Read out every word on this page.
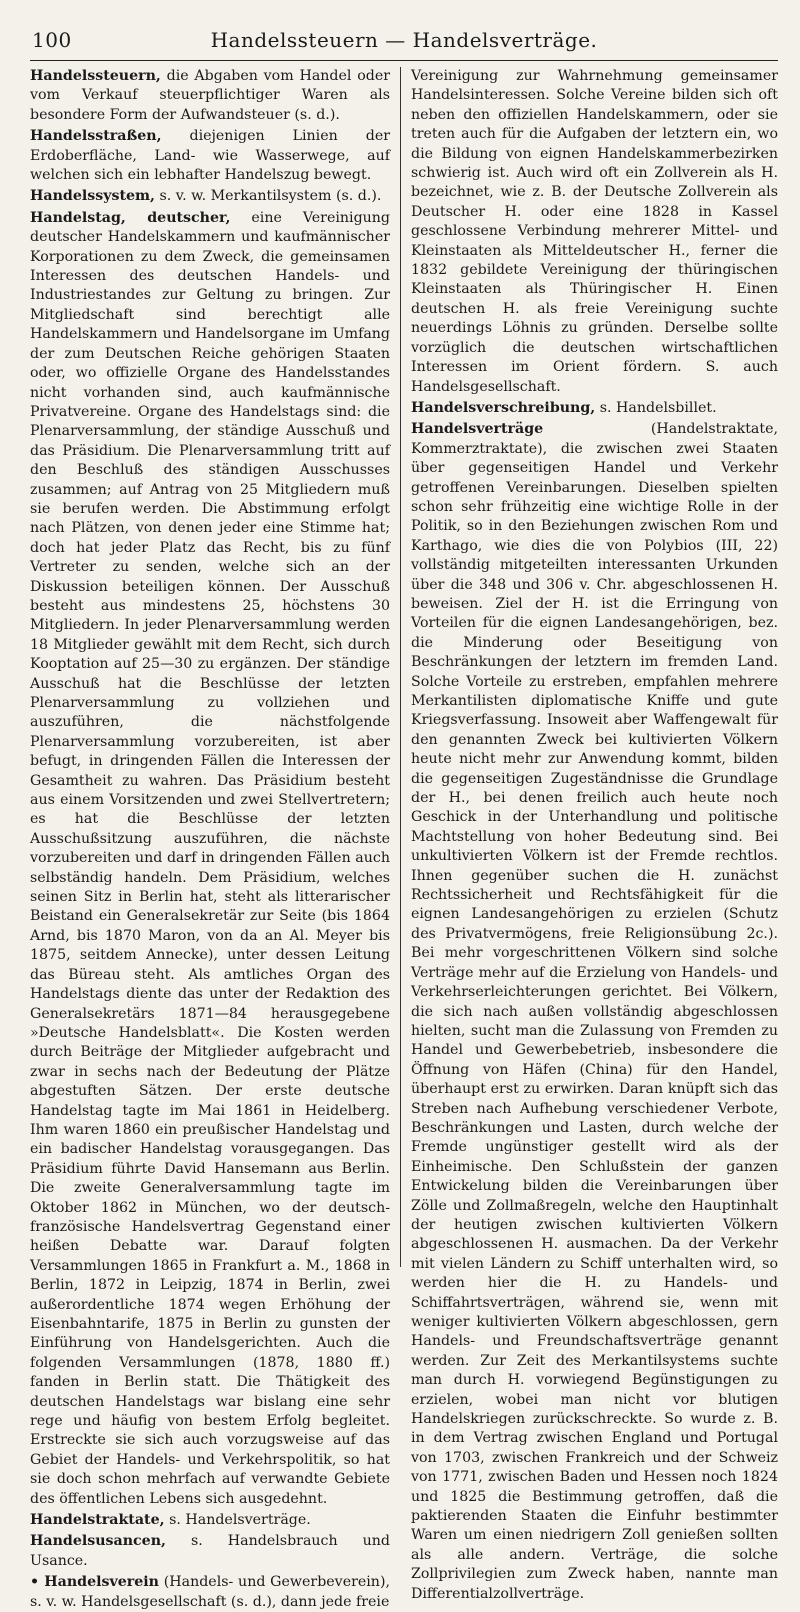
100	Handelssteuern — Handelsverträge.

Handelssteuern, die Abgaben vom Handel oder vom Verkauf steuerpflichtiger Waren als besondere Form der Aufwandsteuer (s. d.).

Handelsstraßen, diejenigen Linien der Erdoberfläche, Land- wie Wasserwege, auf welchen sich ein lebhafter Handelszug bewegt.

Handelssystem, s. v. w. Merkantilsystem (s. d.).

Handelstag, deutscher, eine Vereinigung deutscher Handelskammern und kaufmännischer Korporationen zu dem Zweck, die gemeinsamen Interessen des deutschen Handels- und Industriestandes zur Geltung zu bringen. Zur Mitgliedschaft sind berechtigt alle Handelskammern und Handelsorgane im Umfang der zum Deutschen Reiche gehörigen Staaten oder, wo offizielle Organe des Handelsstandes nicht vorhanden sind, auch kaufmännische Privatvereine. Organe des Handelstags sind: die Plenarversammlung, der ständige Ausschuß und das Präsidium. Die Plenarversammlung tritt auf den Beschluß des ständigen Ausschusses zusammen; auf Antrag von 25 Mitgliedern muß sie berufen werden. Die Abstimmung erfolgt nach Plätzen, von denen jeder eine Stimme hat; doch hat jeder Platz das Recht, bis zu fünf Vertreter zu senden, welche sich an der Diskussion beteiligen können. Der Ausschuß besteht aus mindestens 25, höchstens 30 Mitgliedern. In jeder Plenarversammlung werden 18 Mitglieder gewählt mit dem Recht, sich durch Kooptation auf 25—30 zu ergänzen. Der ständige Ausschuß hat die Beschlüsse der letzten Plenarversammlung zu vollziehen und auszuführen, die nächstfolgende Plenarversammlung vorzubereiten, ist aber befugt, in dringenden Fällen die Interessen der Gesamtheit zu wahren. Das Präsidium besteht aus einem Vorsitzenden und zwei Stellvertretern; es hat die Beschlüsse der letzten Ausschußsitzung auszuführen, die nächste vorzubereiten und darf in dringenden Fällen auch selbständig handeln. Dem Präsidium, welches seinen Sitz in Berlin hat, steht als litterarischer Beistand ein Generalsekretär zur Seite (bis 1864 Arnd, bis 1870 Maron, von da an Al. Meyer bis 1875, seitdem Annecke), unter dessen Leitung das Büreau steht. Als amtliches Organ des Handelstags diente das unter der Redaktion des Generalsekretärs 1871—84 herausgegebene »Deutsche Handelsblatt«. Die Kosten werden durch Beiträge der Mitglieder aufgebracht und zwar in sechs nach der Bedeutung der Plätze abgestuften Sätzen. Der erste deutsche Handelstag tagte im Mai 1861 in Heidelberg. Ihm waren 1860 ein preußischer Handelstag und ein badischer Handelstag vorausgegangen. Das Präsidium führte David Hansemann aus Berlin. Die zweite Generalversammlung tagte im Oktober 1862 in München, wo der deutsch-französische Handelsvertrag Gegenstand einer heißen Debatte war. Darauf folgten Versammlungen 1865 in Frankfurt a. M., 1868 in Berlin, 1872 in Leipzig, 1874 in Berlin, zwei außerordentliche 1874 wegen Erhöhung der Eisenbahntarife, 1875 in Berlin zu gunsten der Einführung von Handelsgerichten. Auch die folgenden Versammlungen (1878, 1880 ff.) fanden in Berlin statt. Die Thätigkeit des deutschen Handelstags war bislang eine sehr rege und häufig von bestem Erfolg begleitet. Erstreckte sie sich auch vorzugsweise auf das Gebiet der Handels- und Verkehrspolitik, so hat sie doch schon mehrfach auf verwandte Gebiete des öffentlichen Lebens sich ausgedehnt.

Handelstraktate, s. Handelsverträge.

Handelsusancen, s. Handelsbrauch und Usance.

• Handelsverein (Handels- und Gewerbeverein), s. v. w. Handelsgesellschaft (s. d.), dann jede freie

Vereinigung zur Wahrnehmung gemeinsamer Handelsinteressen. Solche Vereine bilden sich oft neben den offiziellen Handelskammern, oder sie treten auch für die Aufgaben der letztern ein, wo die Bildung von eignen Handelskammerbezirken schwierig ist. Auch wird oft ein Zollverein als H. bezeichnet, wie z. B. der Deutsche Zollverein als Deutscher H. oder eine 1828 in Kassel geschlossene Verbindung mehrerer Mittel- und Kleinstaaten als Mitteldeutscher H., ferner die 1832 gebildete Vereinigung der thüringischen Kleinstaaten als Thüringischer H. Einen deutschen H. als freie Vereinigung suchte neuerdings Löhnis zu gründen. Derselbe sollte vorzüglich die deutschen wirtschaftlichen Interessen im Orient fördern. S. auch Handelsgesellschaft.

Handelsverschreibung, s. Handelsbillet.

Handelsverträge (Handelstraktate, Kommerztraktate), die zwischen zwei Staaten über gegenseitigen Handel und Verkehr getroffenen Vereinbarungen. Dieselben spielten schon sehr frühzeitig eine wichtige Rolle in der Politik, so in den Beziehungen zwischen Rom und Karthago, wie dies die von Polybios (III, 22) vollständig mitgeteilten interessanten Urkunden über die 348 und 306 v. Chr. abgeschlossenen H. beweisen. Ziel der H. ist die Erringung von Vorteilen für die eignen Landesangehörigen, bez. die Minderung oder Beseitigung von Beschränkungen der letztern im fremden Land. Solche Vorteile zu erstreben, empfahlen mehrere Merkantilisten diplomatische Kniffe und gute Kriegsverfassung. Insoweit aber Waffengewalt für den genannten Zweck bei kultivierten Völkern heute nicht mehr zur Anwendung kommt, bilden die gegenseitigen Zugeständnisse die Grundlage der H., bei denen freilich auch heute noch Geschick in der Unterhandlung und politische Machtstellung von hoher Bedeutung sind. Bei unkultivierten Völkern ist der Fremde rechtlos. Ihnen gegenüber suchen die H. zunächst Rechtssicherheit und Rechtsfähigkeit für die eignen Landesangehörigen zu erzielen (Schutz des Privatvermögens, freie Religionsübung 2c.). Bei mehr vorgeschrittenen Völkern sind solche Verträge mehr auf die Erzielung von Handels- und Verkehrserleichterungen gerichtet. Bei Völkern, die sich nach außen vollständig abgeschlossen hielten, sucht man die Zulassung von Fremden zu Handel und Gewerbebetrieb, insbesondere die Öffnung von Häfen (China) für den Handel, überhaupt erst zu erwirken. Daran knüpft sich das Streben nach Aufhebung verschiedener Verbote, Beschränkungen und Lasten, durch welche der Fremde ungünstiger gestellt wird als der Einheimische. Den Schlußstein der ganzen Entwickelung bilden die Vereinbarungen über Zölle und Zollmaßregeln, welche den Hauptinhalt der heutigen zwischen kultivierten Völkern abgeschlossenen H. ausmachen. Da der Verkehr mit vielen Ländern zu Schiff unterhalten wird, so werden hier die H. zu Handels- und Schiffahrtsverträgen, während sie, wenn mit weniger kultivierten Völkern abgeschlossen, gern Handels- und Freundschaftsverträge genannt werden. Zur Zeit des Merkantilsystems suchte man durch H. vorwiegend Begünstigungen zu erzielen, wobei man nicht vor blutigen Handelskriegen zurückschreckte. So wurde z. B. in dem Vertrag zwischen England und Portugal von 1703, zwischen Frankreich und der Schweiz von 1771, zwischen Baden und Hessen noch 1824 und 1825 die Bestimmung getroffen, daß die paktierenden Staaten die Einfuhr bestimmter Waren um einen niedrigern Zoll genießen sollten als alle andern. Verträge, die solche Zollprivilegien zum Zweck haben, nannte man Differentialzollverträge.
